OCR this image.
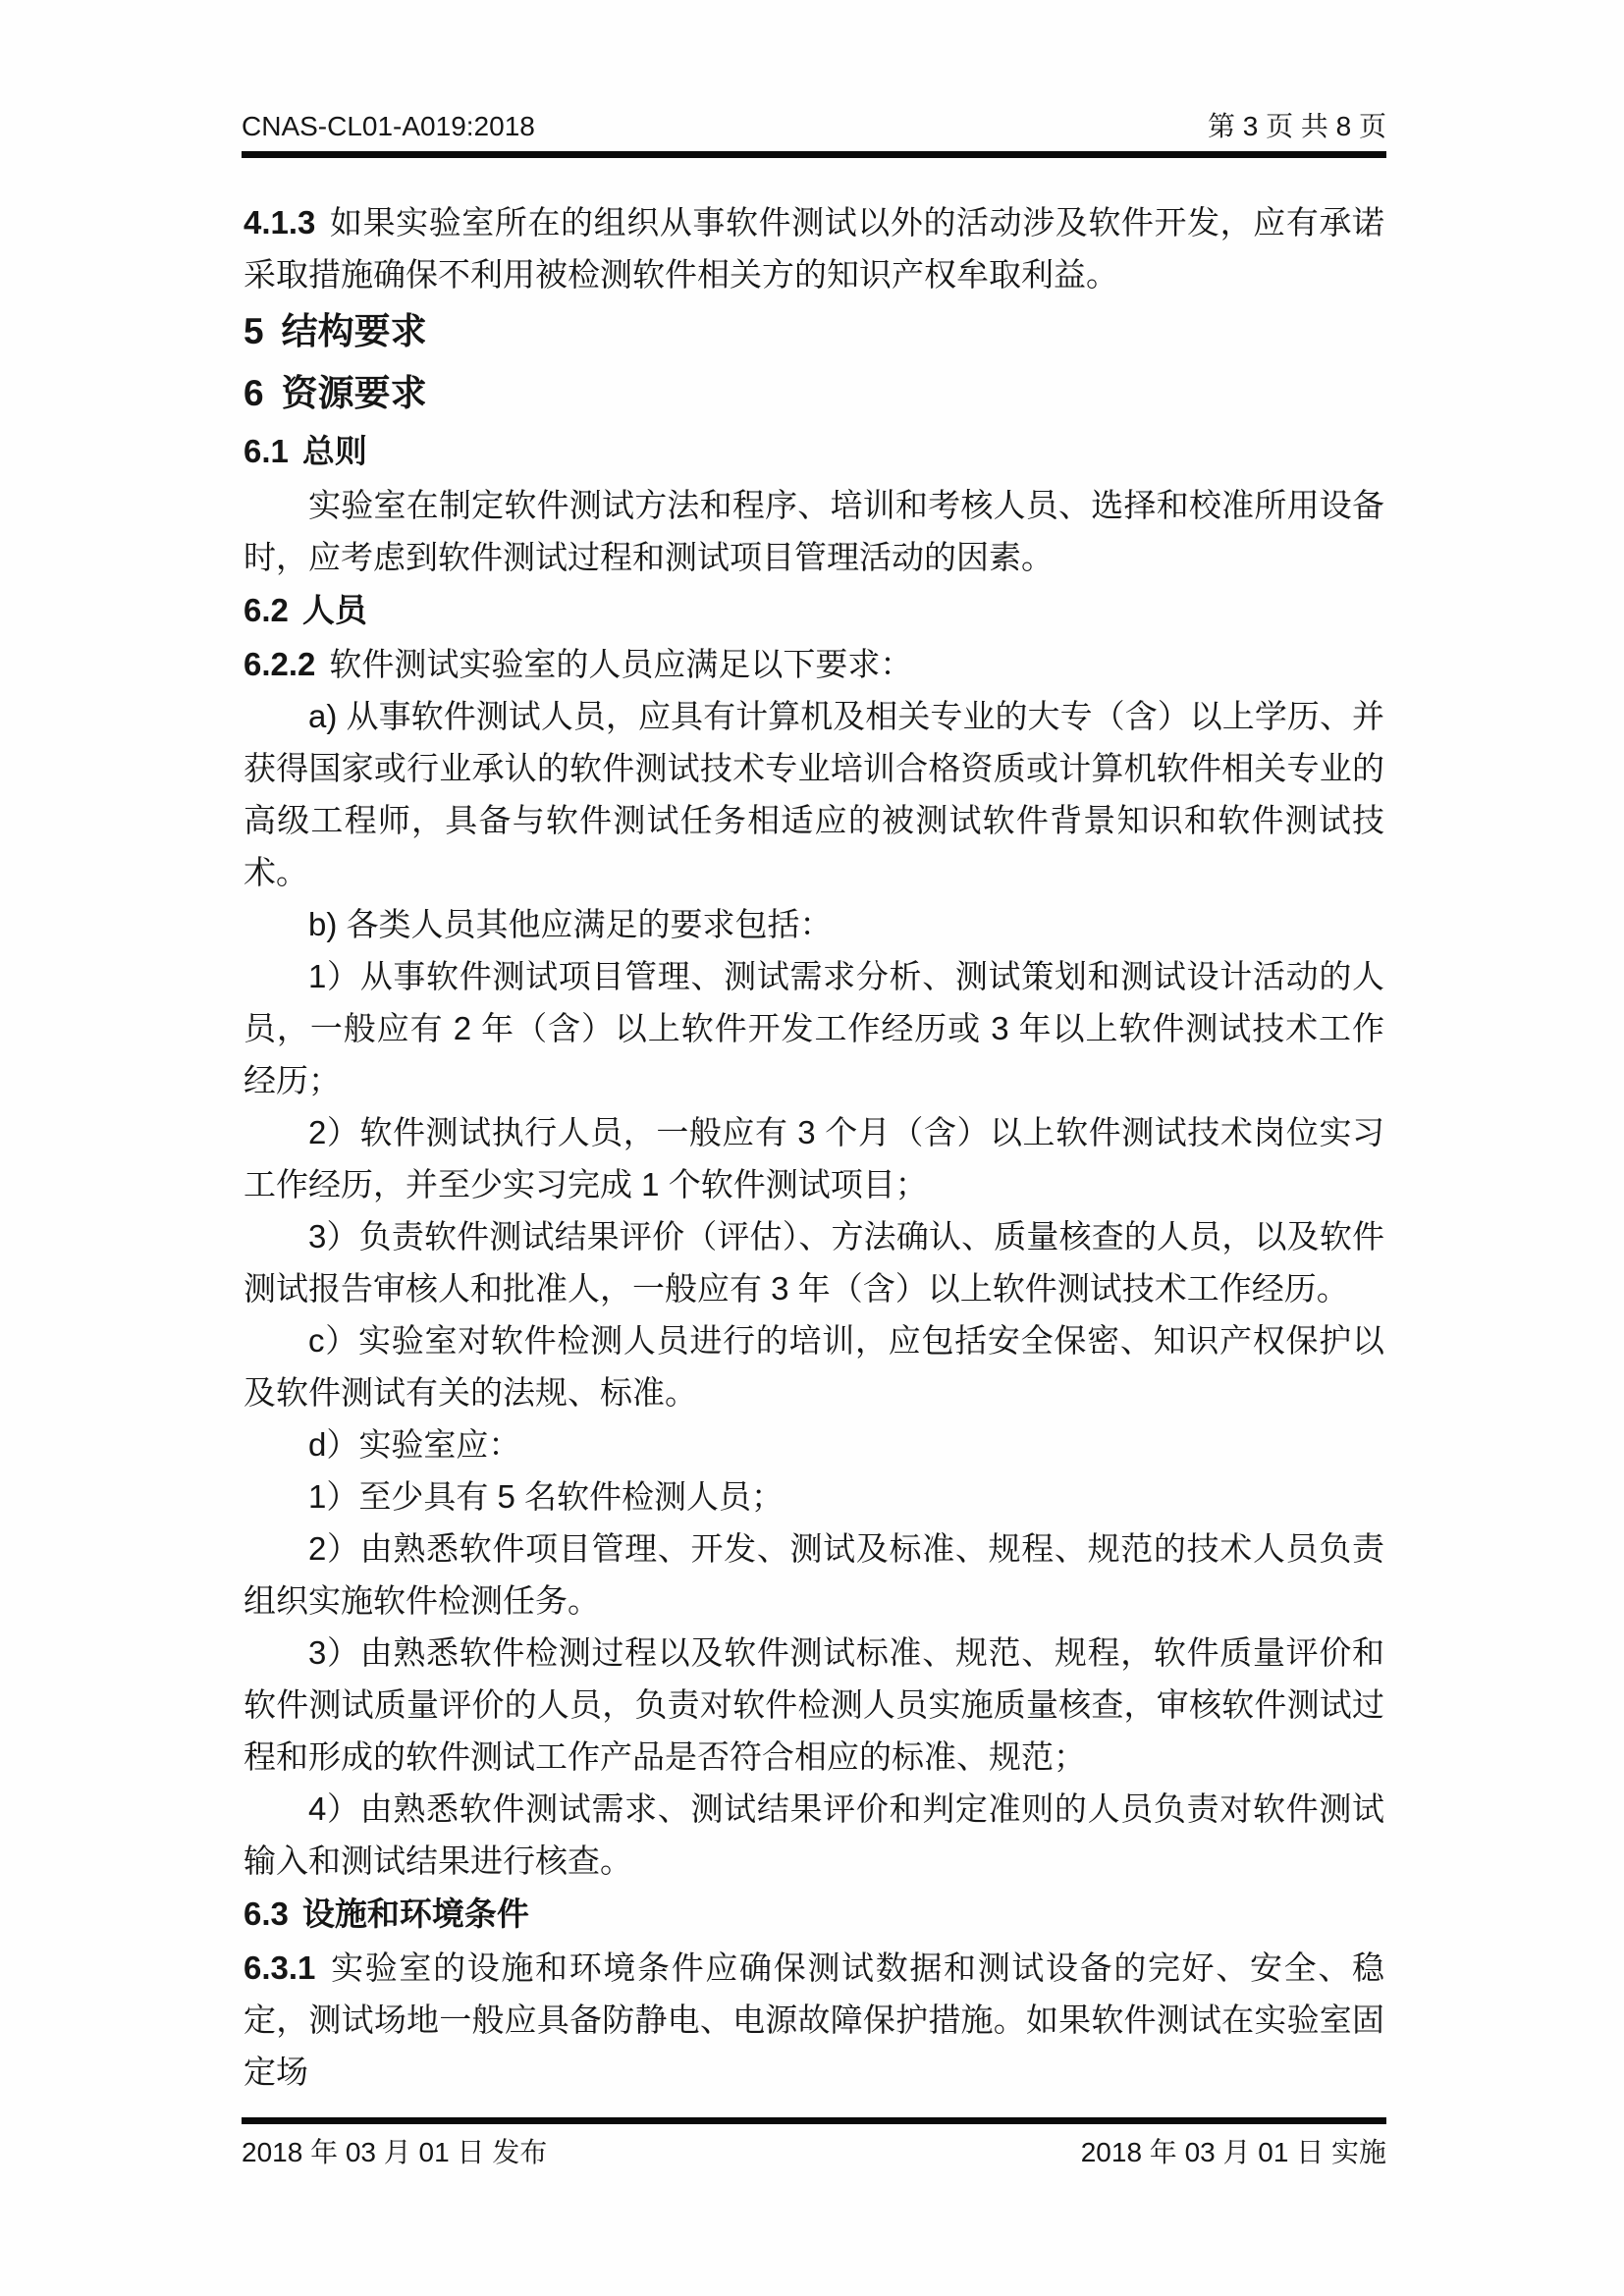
CNAS-CL01-A019:2018	第 3 页 共 8 页

4.1.3 如果实验室所在的组织从事软件测试以外的活动涉及软件开发，应有承诺采取措施确保不利用被检测软件相关方的知识产权牟取利益。

5 结构要求
6 资源要求
6.1 总则

实验室在制定软件测试方法和程序、培训和考核人员、选择和校准所用设备时，应考虑到软件测试过程和测试项目管理活动的因素。

6.2 人员

6.2.2 软件测试实验室的人员应满足以下要求：

a) 从事软件测试人员，应具有计算机及相关专业的大专（含）以上学历、并获得国家或行业承认的软件测试技术专业培训合格资质或计算机软件相关专业的高级工程师，具备与软件测试任务相适应的被测试软件背景知识和软件测试技术。

b) 各类人员其他应满足的要求包括：

1）从事软件测试项目管理、测试需求分析、测试策划和测试设计活动的人员，一般应有 2 年（含）以上软件开发工作经历或 3 年以上软件测试技术工作经历；

2）软件测试执行人员，一般应有 3 个月（含）以上软件测试技术岗位实习工作经历，并至少实习完成 1 个软件测试项目；

3）负责软件测试结果评价（评估）、方法确认、质量核查的人员，以及软件测试报告审核人和批准人，一般应有 3 年（含）以上软件测试技术工作经历。

c）实验室对软件检测人员进行的培训，应包括安全保密、知识产权保护以及软件测试有关的法规、标准。

d）实验室应：

1）至少具有 5 名软件检测人员；

2）由熟悉软件项目管理、开发、测试及标准、规程、规范的技术人员负责组织实施软件检测任务。

3）由熟悉软件检测过程以及软件测试标准、规范、规程，软件质量评价和软件测试质量评价的人员，负责对软件检测人员实施质量核查，审核软件测试过程和形成的软件测试工作产品是否符合相应的标准、规范；

4）由熟悉软件测试需求、测试结果评价和判定准则的人员负责对软件测试输入和测试结果进行核查。

6.3 设施和环境条件

6.3.1 实验室的设施和环境条件应确保测试数据和测试设备的完好、安全、稳定，测试场地一般应具备防静电、电源故障保护措施。如果软件测试在实验室固定场

2018 年 03 月 01 日 发布	2018 年 03 月 01 日 实施
